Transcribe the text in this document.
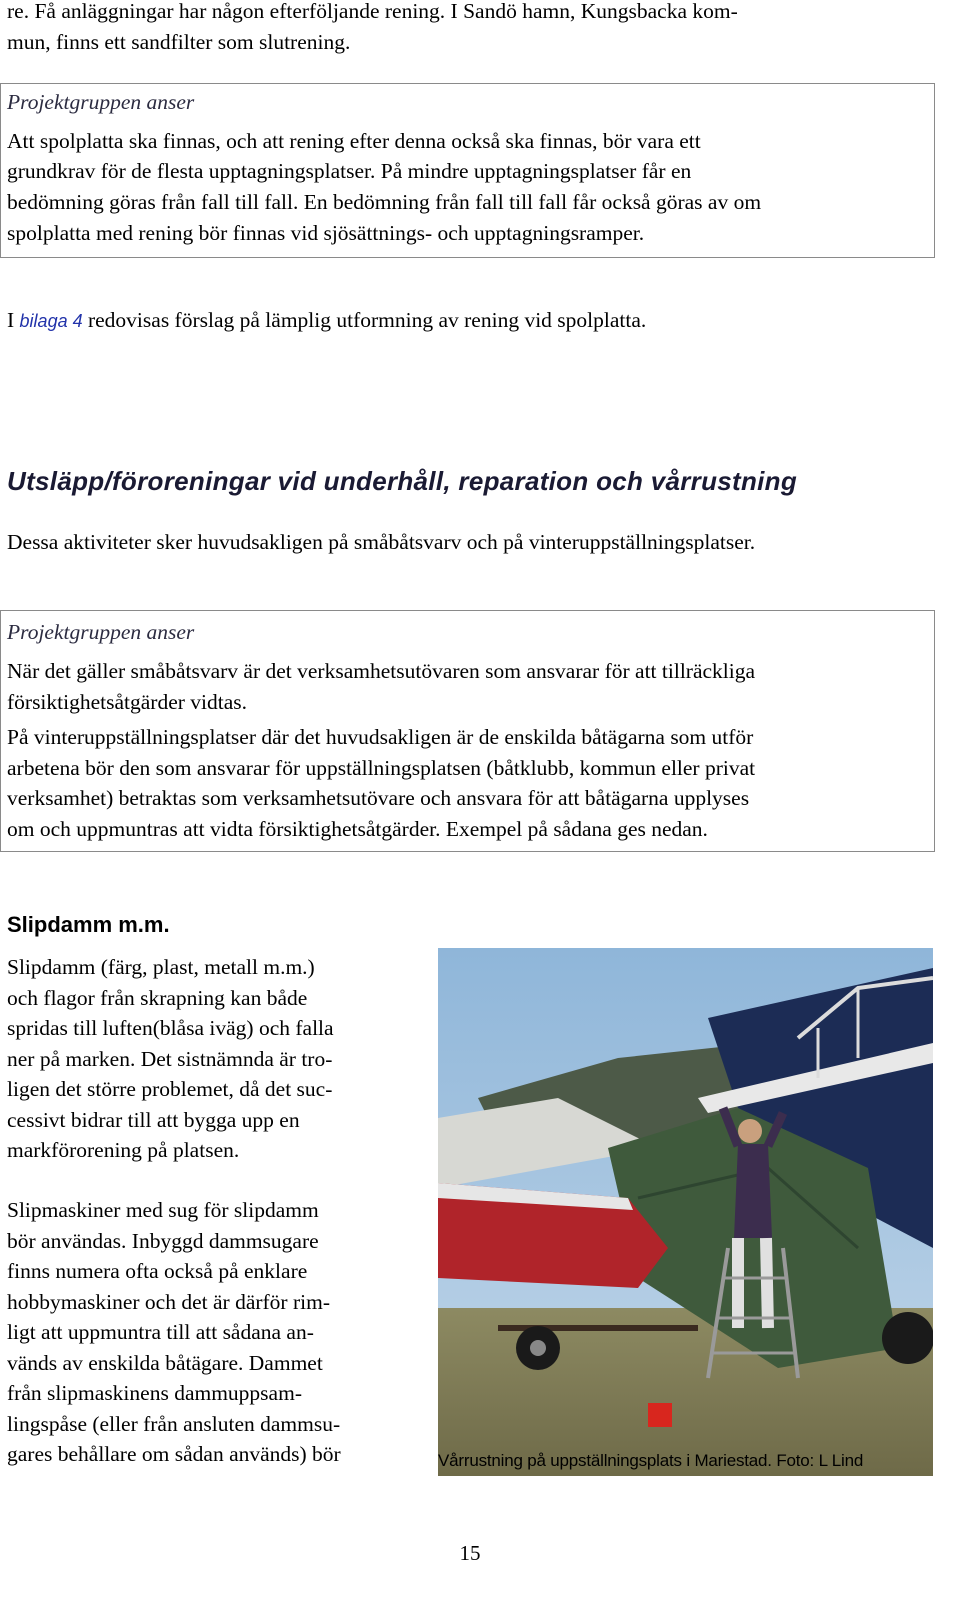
re. Få anläggningar har någon efterföljande rening. I Sandö hamn, Kungsbacka kom-

mun, finns ett sandfilter som slutrening.

Projektgruppen anser

Att spolplatta ska finnas, och att rening efter denna också ska finnas, bör vara ett

grundkrav för de flesta upptagningsplatser. På mindre upptagningsplatser får en

bedömning göras från fall till fall. En bedömning från fall till fall får också göras av om

spolplatta med rening bör finnas vid sjösättnings- och upptagningsramper.

I bilaga 4 redovisas förslag på lämplig utformning av rening vid spolplatta.

Utsläpp/föroreningar vid underhåll, reparation och vårrustning

Dessa aktiviteter sker huvudsakligen på småbåtsvarv och på vinteruppställningsplatser.

Projektgruppen anser

När det gäller småbåtsvarv är det verksamhetsutövaren som ansvarar för att tillräckliga

försiktighetsåtgärder vidtas.

På vinteruppställningsplatser där det huvudsakligen är de enskilda båtägarna som utför

arbetena bör den som ansvarar för uppställningsplatsen (båtklubb, kommun eller privat

verksamhet) betraktas som verksamhetsutövare och ansvara för att båtägarna upplyses

om och uppmuntras att vidta försiktighetsåtgärder. Exempel på sådana ges nedan.

Slipdamm m.m.

Slipdamm (färg, plast, metall m.m.)

och flagor från skrapning kan både

spridas till luften(blåsa iväg) och falla

ner på marken. Det sistnämnda är tro-

ligen det större problemet, då det suc-

cessivt bidrar till att bygga upp en

markförorening på platsen.

Slipmaskiner med sug för slipdamm

bör användas. Inbyggd dammsugare

finns numera ofta också på enklare

hobbymaskiner och det är därför rim-

ligt att uppmuntra till att sådana an-

vänds av enskilda båtägare. Dammet

från slipmaskinens dammuppsam-

lingspåse (eller från ansluten dammsu-

gares behållare om sådan används) bör	Vårrustning på uppställningsplats i Mariestad. Foto: L Lind
15
